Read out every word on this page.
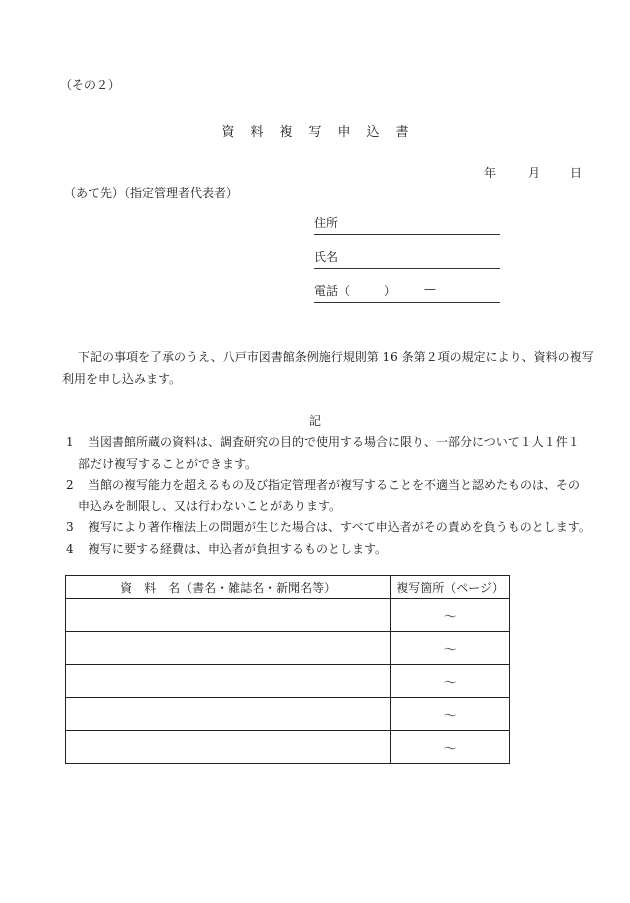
（その２）
資料複写申込書
年	月	日
（あて先）（指定管理者代表者）
住所
氏名
電話（	） —
下記の事項を了承のうえ、八戸市図書館条例施行規則第 16 条第２項の規定により、資料の複写
利用を申し込みます。
記
1 当図書館所蔵の資料は、調査研究の目的で使用する場合に限り、一部分について１人１件１
部だけ複写することができます。
2 当館の複写能力を超えるもの及び指定管理者が複写することを不適当と認めたものは、その
申込みを制限し、又は行わないことがあります。
3 複写により著作権法上の問題が生じた場合は、すべて申込者がその責めを負うものとします。
4 複写に要する経費は、申込者が負担するものとします。
資　料　名（書名・雑誌名・新聞名等）	複写箇所（ページ）
	～
	～
	～
	～
	～
